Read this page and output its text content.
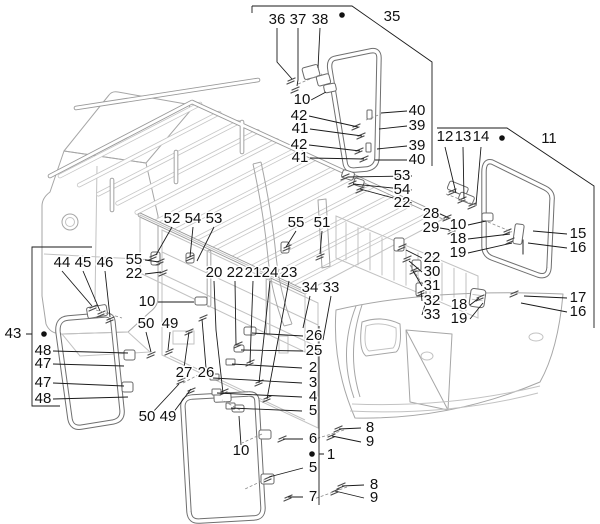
36 37 38	35
40
39
39
40
42
41
42
41
10
12 13 14	11
53
54
22
28
29 10
18
19
15
16
22
30
31
32
33
17
16
18
19
52 54 53	55 51
20 22 21 24 23
34 33
44 45 46 55
22
10
50 49
43
48
47
47
48
50 49
27 26
26
25
2
3
4
5
6
1
5
7
8
9
8
9
10
